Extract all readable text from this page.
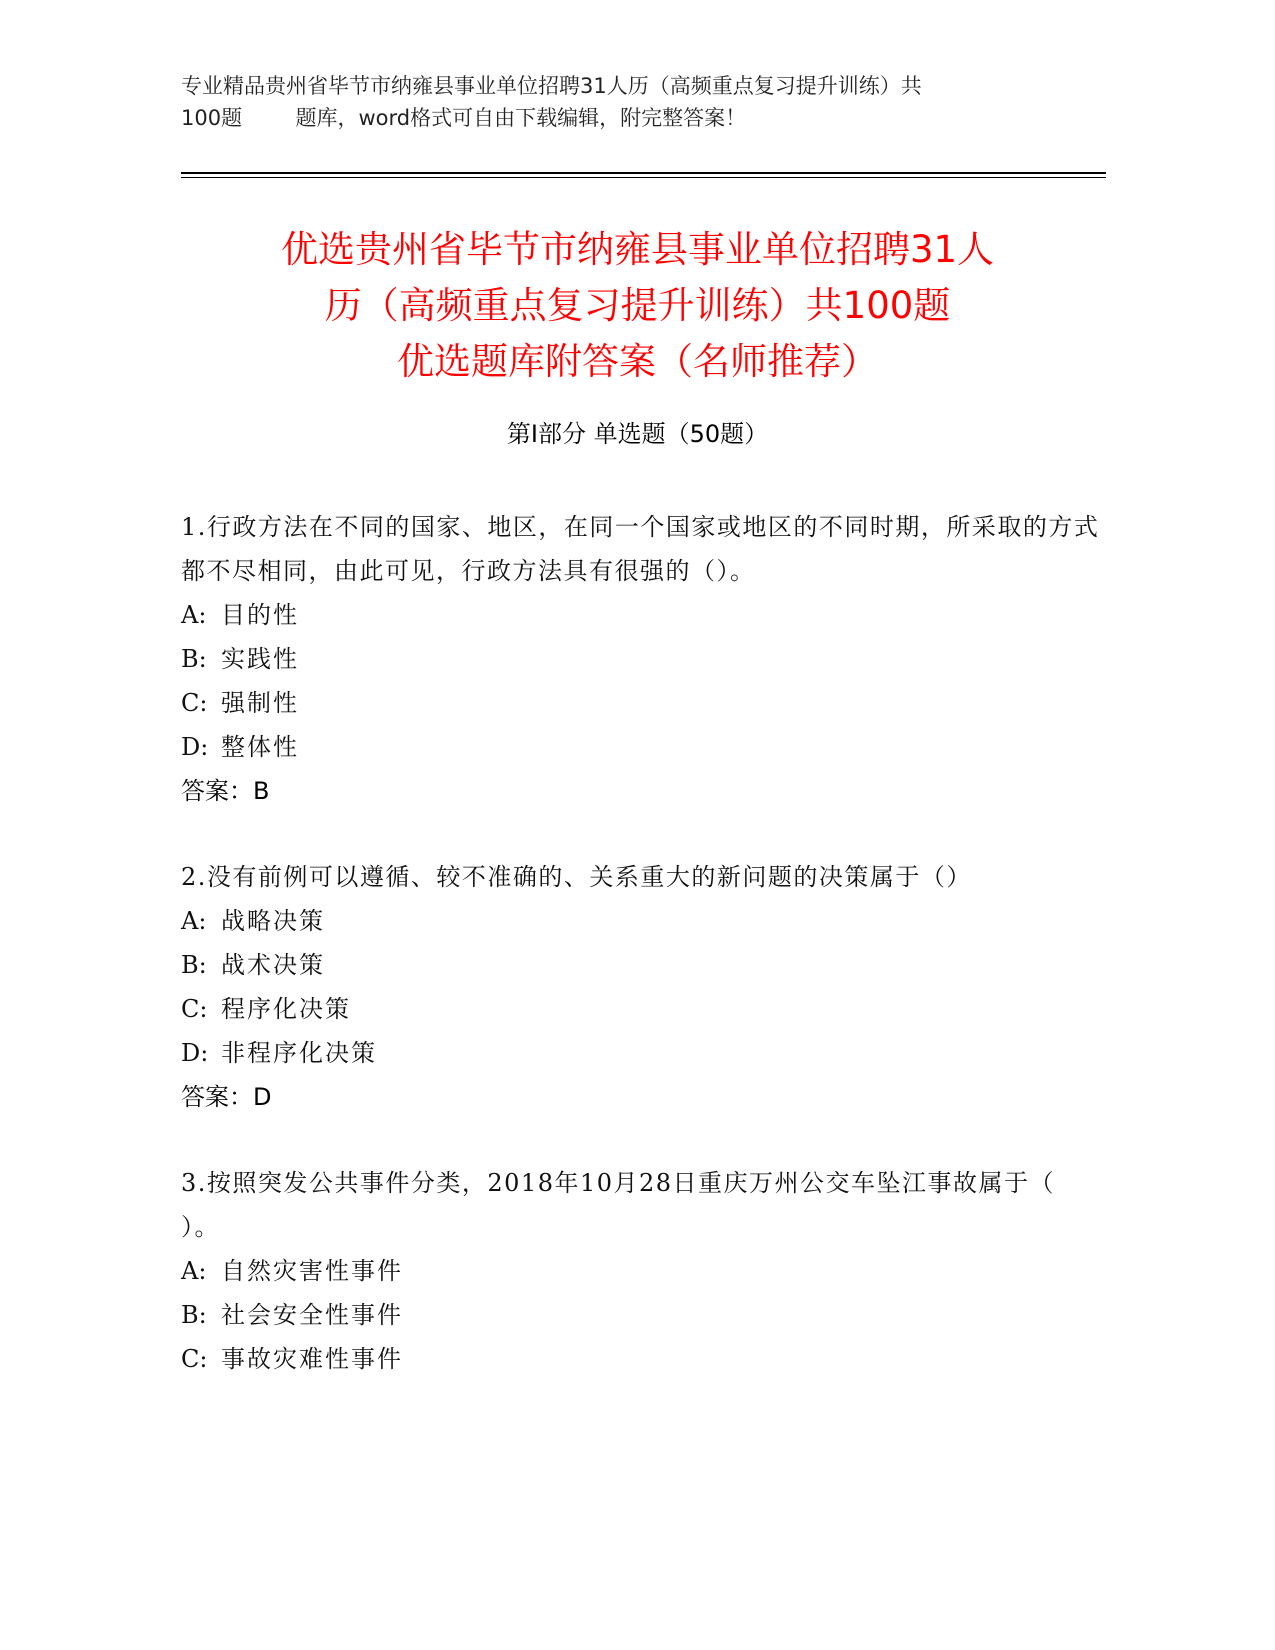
专业精品贵州省毕节市纳雍县事业单位招聘31人历（高频重点复习提升训练）共
100题        题库，word格式可自由下载编辑，附完整答案！
优选贵州省毕节市纳雍县事业单位招聘31人
历（高频重点复习提升训练）共100题
优选题库附答案（名师推荐）
第Ⅰ部分 单选题（50题）
1.行政方法在不同的国家、地区，在同一个国家或地区的不同时期，所采取的方式都不尽相同，由此可见，行政方法具有很强的（）。
A: 目的性
B: 实践性
C: 强制性
D: 整体性
答案：B
2.没有前例可以遵循、较不准确的、关系重大的新问题的决策属于（）
A: 战略决策
B: 战术决策
C: 程序化决策
D: 非程序化决策
答案：D
3.按照突发公共事件分类，2018年10月28日重庆万州公交车坠江事故属于（ ）。
A: 自然灾害性事件
B: 社会安全性事件
C: 事故灾难性事件
